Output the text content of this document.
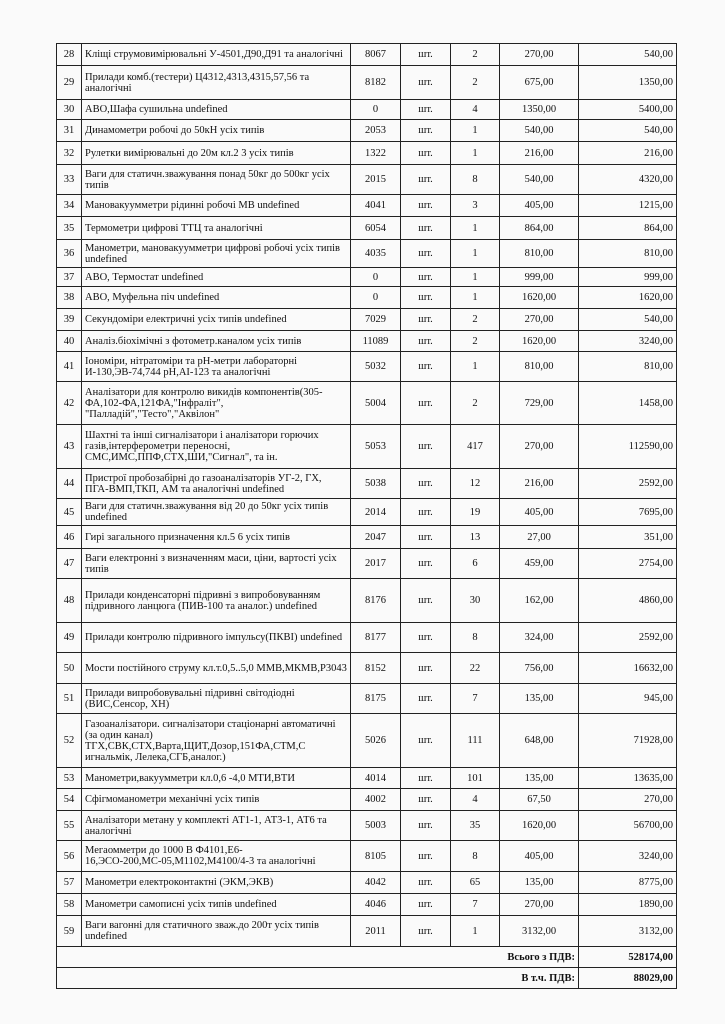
28	Кліщі струмовимірювальні У-4501,Д90,Д91 та аналогічні	8067	шт.	2	270,00	540,00
29	Прилади комб.(тестери) Ц4312,4313,4315,57,56 та аналогічні	8182	шт.	2	675,00	1350,00
30	АВО,Шафа сушильна undefined	0	шт.	4	1350,00	5400,00
31	Динамометри робочі до 50кН усіх типів	2053	шт.	1	540,00	540,00
32	Рулетки вимірювальні до 20м кл.2 3 усіх типів	1322	шт.	1	216,00	216,00
33	Ваги для статичн.зважування понад 50кг до 500кг усіх типів	2015	шт.	8	540,00	4320,00
34	Мановакуумметри рідинні робочі МВ undefined	4041	шт.	3	405,00	1215,00
35	Термометри цифрові ТТЦ та аналогічні	6054	шт.	1	864,00	864,00
36	Манометри, мановакуумметри цифрові робочі усіх типів undefined	4035	шт.	1	810,00	810,00
37	АВО, Термостат undefined	0	шт.	1	999,00	999,00
38	АВО, Муфельна піч undefined	0	шт.	1	1620,00	1620,00
39	Секундоміри електричні усіх типів undefined	7029	шт.	2	270,00	540,00
40	Аналіз.біохімічні з фотометр.каналом усіх типів	11089	шт.	2	1620,00	3240,00
41	Іономіри, нітратоміри та рН-метри лабораторні И-130,ЭВ-74,744 рН,АІ-123 та аналогічні	5032	шт.	1	810,00	810,00
42	Аналізатори для контролю викидів компонентів(305-ФА,102-ФА,121ФА,"Інфраліт", "Палладій","Тесто","Аквілон"	5004	шт.	2	729,00	1458,00
43	Шахтні та інші сигналізатори і аналізатори горючих газів,інтерферометри переносні, СМС,ИМС,ППФ,СТХ,ШИ,"Сигнал", та ін.	5053	шт.	417	270,00	112590,00
44	Пристрої пробозабірні до газоаналізаторів УГ-2, ГХ, ПГА-ВМП,ТКП, АМ та аналогічні undefined	5038	шт.	12	216,00	2592,00
45	Ваги для статичн.зважування від 20 до 50кг усіх типів undefined	2014	шт.	19	405,00	7695,00
46	Гирі загального призначення кл.5 6 усіх типів	2047	шт.	13	27,00	351,00
47	Ваги електронні з визначенням маси, ціни, вартості усіх типів	2017	шт.	6	459,00	2754,00
48	Прилади конденсаторні підривні з випробовуванням підривного ланцюга (ПИВ-100 та аналог.) undefined	8176	шт.	30	162,00	4860,00
49	Прилади контролю підривного імпульсу(ПКВІ) undefined	8177	шт.	8	324,00	2592,00
50	Мости постійного струму кл.т.0,5..5,0 ММВ,МКМВ,Р3043	8152	шт.	22	756,00	16632,00
51	Прилади випробовувальні підривні світодіодні (ВИС,Сенсор, ХН)	8175	шт.	7	135,00	945,00
52	Газоаналізатори. сигналізатори стаціонарні автоматичні (за один канал) ТГХ,СВК,СТХ,Варта,ЩИТ,Дозор,151ФА,СТМ,С игнальмік, Лелека,СГБ,аналог.)	5026	шт.	111	648,00	71928,00
53	Манометри,вакуумметри кл.0,6 -4,0 МТИ,ВТИ	4014	шт.	101	135,00	13635,00
54	Сфігмоманометри механічні усіх типів	4002	шт.	4	67,50	270,00
55	Аналізатори метану у комплекті АТ1-1, АТ3-1, АТ6 та аналогічні	5003	шт.	35	1620,00	56700,00
56	Мегаомметри до 1000 В Ф4101,Е6-16,ЭСО-200,МС-05,М1102,М4100/4-3 та аналогічні	8105	шт.	8	405,00	3240,00
57	Манометри електроконтактні (ЭКМ,ЭКВ)	4042	шт.	65	135,00	8775,00
58	Манометри самописні усіх типів undefined	4046	шт.	7	270,00	1890,00
59	Ваги вагонні для статичного зваж.до 200т усіх типів undefined	2011	шт.	1	3132,00	3132,00
Всього з ПДВ:						528174,00
В т.ч. ПДВ:						88029,00
